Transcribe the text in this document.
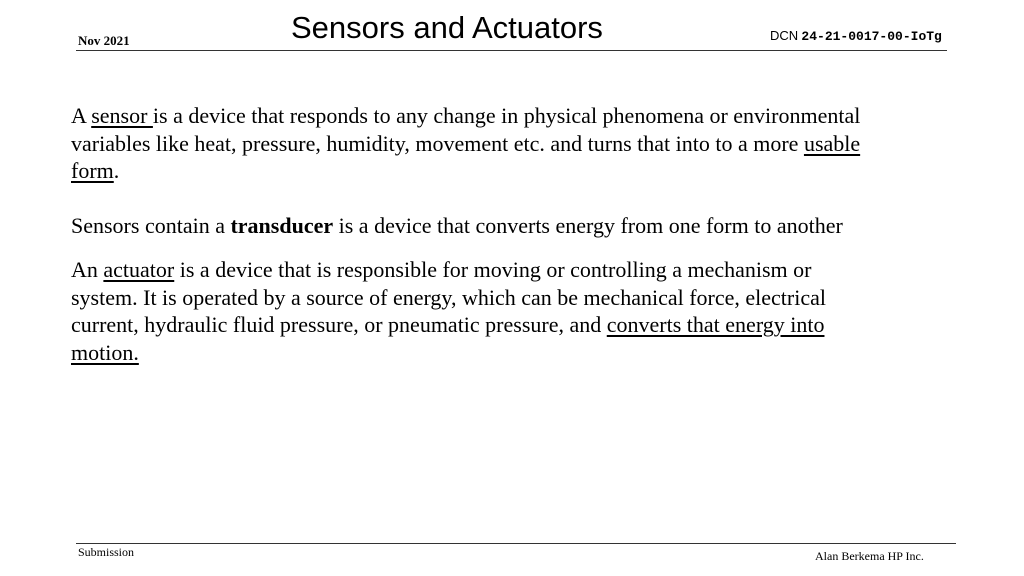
Nov 2021	Sensors and Actuators	DCN 24-21-0017-00-IoTg

A sensor is a device that responds to any change in physical phenomena or environmental variables like heat, pressure, humidity, movement etc. and turns that into to a more usable form.

Sensors contain a transducer is a device that converts energy from one form to another

An actuator is a device that is responsible for moving or controlling a mechanism or system. It is operated by a source of energy, which can be mechanical force, electrical current, hydraulic fluid pressure, or pneumatic pressure, and converts that energy into motion.

Submission	Alan Berkema HP Inc.
